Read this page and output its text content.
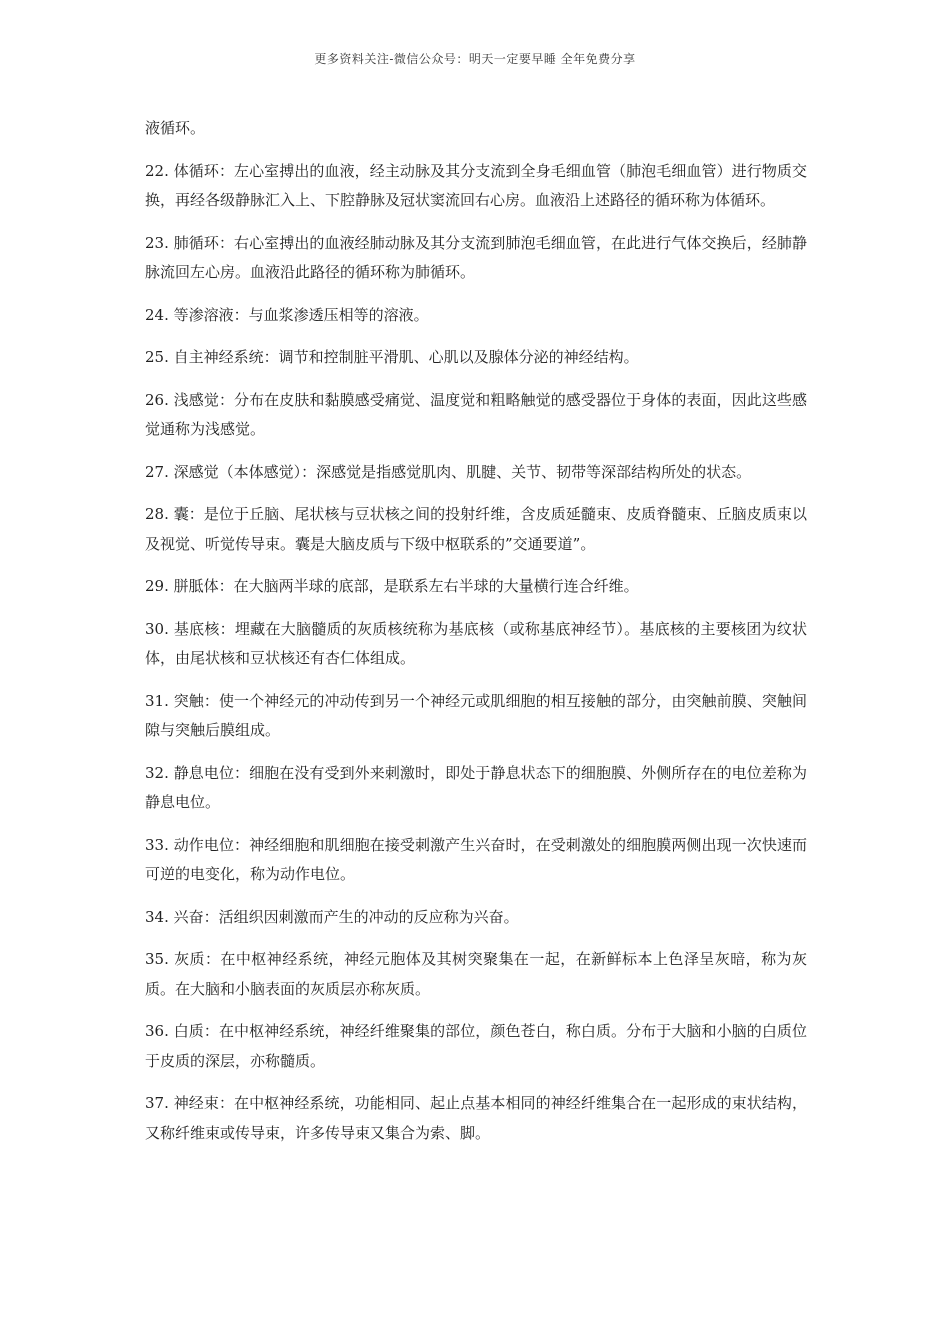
更多资料关注-微信公众号：明天一定要早睡 全年免费分享

液循环。

22. 体循环：左心室搏出的血液，经主动脉及其分支流到全身毛细血管（肺泡毛细血管）进行物质交换，再经各级静脉汇入上、下腔静脉及冠状窦流回右心房。血液沿上述路径的循环称为体循环。

23. 肺循环：右心室搏出的血液经肺动脉及其分支流到肺泡毛细血管，在此进行气体交换后，经肺静脉流回左心房。血液沿此路径的循环称为肺循环。

24. 等渗溶液：与血浆渗透压相等的溶液。

25. 自主神经系统：调节和控制脏平滑肌、心肌以及腺体分泌的神经结构。

26. 浅感觉：分布在皮肤和黏膜感受痛觉、温度觉和粗略触觉的感受器位于身体的表面，因此这些感觉通称为浅感觉。

27. 深感觉（本体感觉）：深感觉是指感觉肌肉、肌腱、关节、韧带等深部结构所处的状态。

28. 囊：是位于丘脑、尾状核与豆状核之间的投射纤维，含皮质延髓束、皮质脊髓束、丘脑皮质束以及视觉、听觉传导束。囊是大脑皮质与下级中枢联系的”交通要道”。

29. 胼胝体：在大脑两半球的底部，是联系左右半球的大量横行连合纤维。

30. 基底核：埋藏在大脑髓质的灰质核统称为基底核（或称基底神经节）。基底核的主要核团为纹状体，由尾状核和豆状核还有杏仁体组成。

31. 突触：使一个神经元的冲动传到另一个神经元或肌细胞的相互接触的部分，由突触前膜、突触间隙与突触后膜组成。

32. 静息电位：细胞在没有受到外来刺激时，即处于静息状态下的细胞膜、外侧所存在的电位差称为静息电位。

33. 动作电位：神经细胞和肌细胞在接受刺激产生兴奋时，在受刺激处的细胞膜两侧出现一次快速而可逆的电变化，称为动作电位。

34. 兴奋：活组织因刺激而产生的冲动的反应称为兴奋。

35. 灰质：在中枢神经系统，神经元胞体及其树突聚集在一起，在新鲜标本上色泽呈灰暗，称为灰质。在大脑和小脑表面的灰质层亦称灰质。

36. 白质：在中枢神经系统，神经纤维聚集的部位，颜色苍白，称白质。分布于大脑和小脑的白质位于皮质的深层，亦称髓质。

37. 神经束：在中枢神经系统，功能相同、起止点基本相同的神经纤维集合在一起形成的束状结构，又称纤维束或传导束，许多传导束又集合为索、脚。
